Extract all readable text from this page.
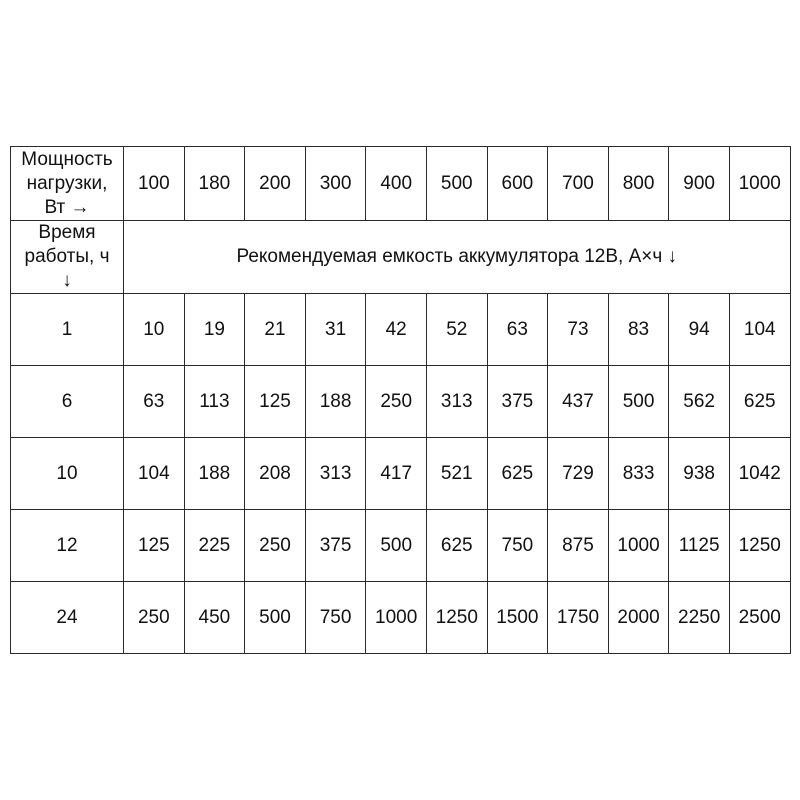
Мощность
нагрузки,
Вт →	100	180	200	300	400	500	600	700	800	900	1000

Время
работы, ч
↓	Рекомендуемая емкость аккумулятора 12В, А×ч ↓										
1	10	19	21	31	42	52	63	73	83	94	104
6	63	113	125	188	250	313	375	437	500	562	625
10	104	188	208	313	417	521	625	729	833	938	1042
12	125	225	250	375	500	625	750	875	1000	1125	1250
24	250	450	500	750	1000	1250	1500	1750	2000	2250	2500
